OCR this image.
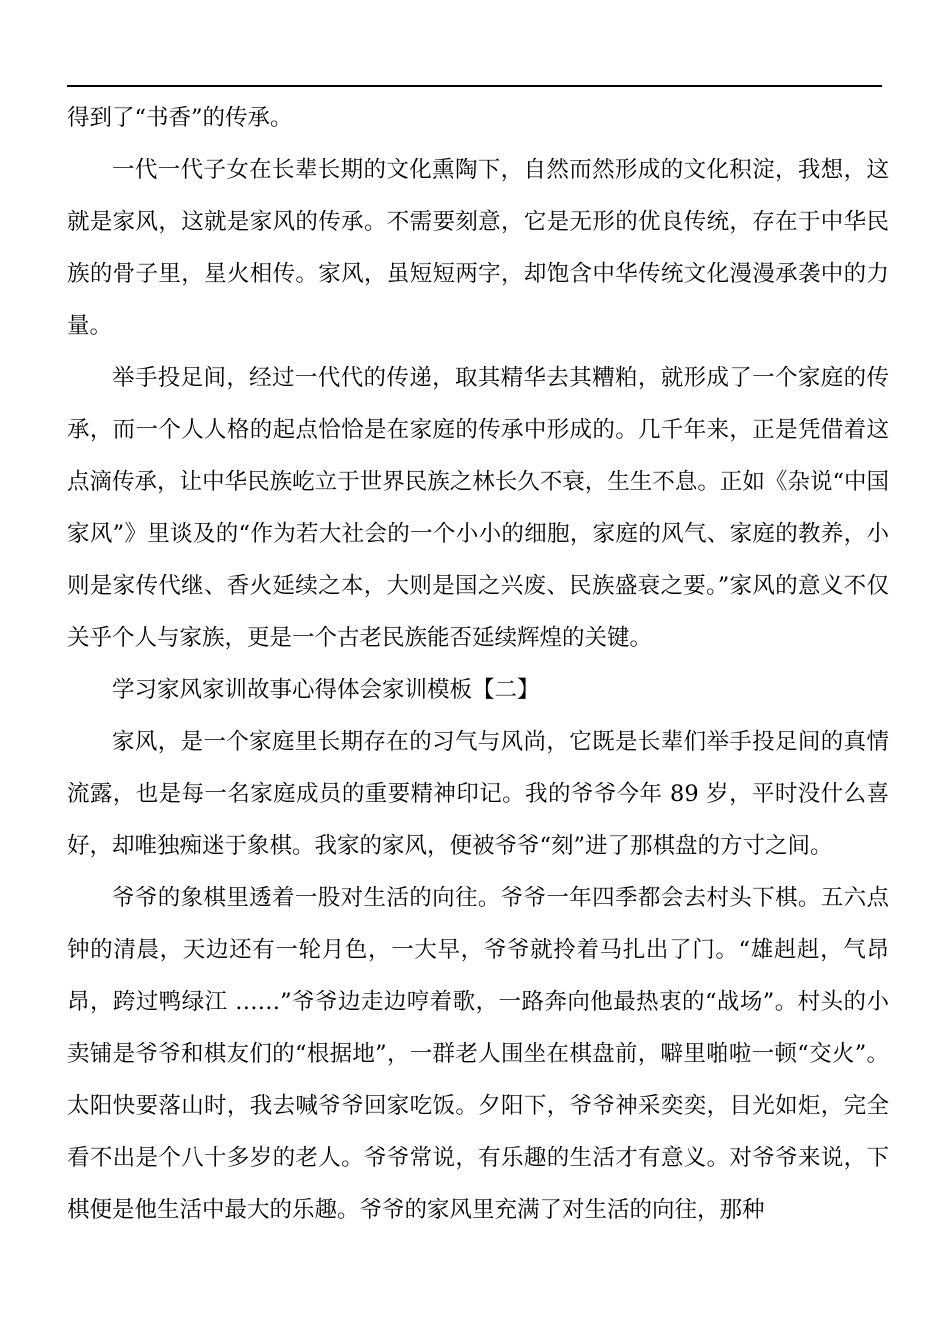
得到了“书香”的传承。

一代一代子女在长辈长期的文化熏陶下，自然而然形成的文化积淀，我想，这就是家风，这就是家风的传承。不需要刻意，它是无形的优良传统，存在于中华民族的骨子里，星火相传。家风，虽短短两字，却饱含中华传统文化漫漫承袭中的力量。

举手投足间，经过一代代的传递，取其精华去其糟粕，就形成了一个家庭的传承，而一个人人格的起点恰恰是在家庭的传承中形成的。几千年来，正是凭借着这点滴传承，让中华民族屹立于世界民族之林长久不衰，生生不息。正如《杂说“中国家风”》里谈及的“作为若大社会的一个小小的细胞，家庭的风气、家庭的教养，小则是家传代继、香火延续之本，大则是国之兴废、民族盛衰之要。”家风的意义不仅关乎个人与家族，更是一个古老民族能否延续辉煌的关键。

学习家风家训故事心得体会家训模板【二】

家风，是一个家庭里长期存在的习气与风尚，它既是长辈们举手投足间的真情流露，也是每一名家庭成员的重要精神印记。我的爷爷今年 89 岁，平时没什么喜好，却唯独痴迷于象棋。我家的家风，便被爷爷“刻”进了那棋盘的方寸之间。

爷爷的象棋里透着一股对生活的向往。爷爷一年四季都会去村头下棋。五六点钟的清晨，天边还有一轮月色，一大早，爷爷就拎着马扎出了门。“雄赳赳，气昂昂，跨过鸭绿江 ……”爷爷边走边哼着歌，一路奔向他最热衷的“战场”。村头的小卖铺是爷爷和棋友们的“根据地”，一群老人围坐在棋盘前，噼里啪啦一顿“交火”。太阳快要落山时，我去喊爷爷回家吃饭。夕阳下，爷爷神采奕奕，目光如炬，完全看不出是个八十多岁的老人。爷爷常说，有乐趣的生活才有意义。对爷爷来说，下棋便是他生活中最大的乐趣。爷爷的家风里充满了对生活的向往，那种
